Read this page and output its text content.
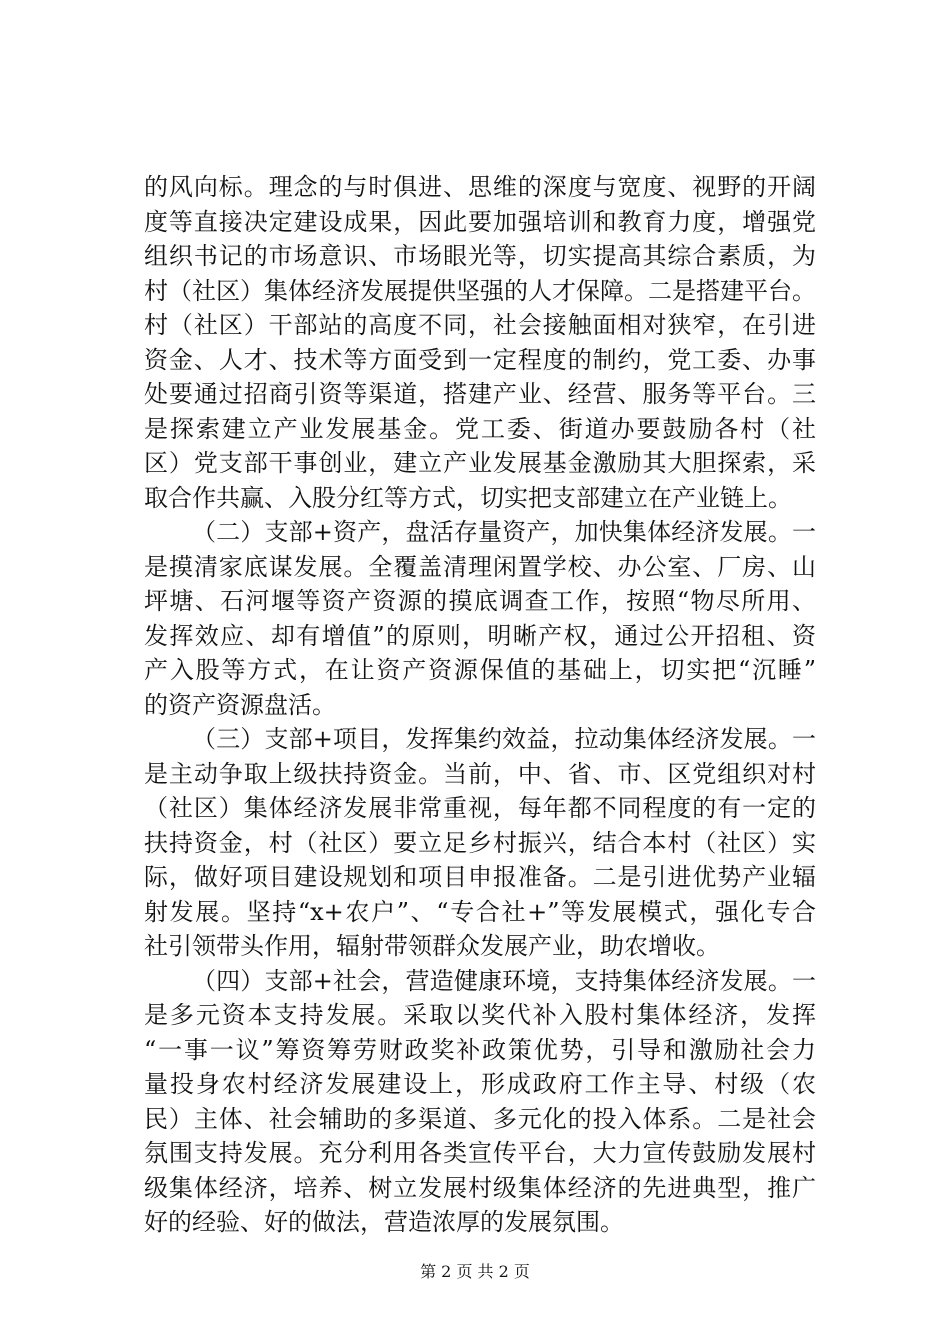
的风向标。理念的与时俱进、思维的深度与宽度、视野的开阔
度等直接决定建设成果，因此要加强培训和教育力度，增强党
组织书记的市场意识、市场眼光等，切实提高其综合素质，为
村（社区）集体经济发展提供坚强的人才保障。二是搭建平台。
村（社区）干部站的高度不同，社会接触面相对狭窄，在引进
资金、人才、技术等方面受到一定程度的制约，党工委、办事
处要通过招商引资等渠道，搭建产业、经营、服务等平台。三
是探索建立产业发展基金。党工委、街道办要鼓励各村（社
区）党支部干事创业，建立产业发展基金激励其大胆探索，采
取合作共赢、入股分红等方式，切实把支部建立在产业链上。
（二）支部+资产，盘活存量资产，加快集体经济发展。一
是摸清家底谋发展。全覆盖清理闲置学校、办公室、厂房、山
坪塘、石河堰等资产资源的摸底调查工作，按照“物尽所用、
发挥效应、却有增值”的原则，明晰产权，通过公开招租、资
产入股等方式，在让资产资源保值的基础上，切实把“沉睡”
的资产资源盘活。
（三）支部+项目，发挥集约效益，拉动集体经济发展。一
是主动争取上级扶持资金。当前，中、省、市、区党组织对村
（社区）集体经济发展非常重视，每年都不同程度的有一定的
扶持资金，村（社区）要立足乡村振兴，结合本村（社区）实
际，做好项目建设规划和项目申报准备。二是引进优势产业辐
射发展。坚持“x+农户”、“专合社+”等发展模式，强化专合
社引领带头作用，辐射带领群众发展产业，助农增收。
（四）支部+社会，营造健康环境，支持集体经济发展。一
是多元资本支持发展。采取以奖代补入股村集体经济，发挥
“一事一议”筹资筹劳财政奖补政策优势，引导和激励社会力
量投身农村经济发展建设上，形成政府工作主导、村级（农
民）主体、社会辅助的多渠道、多元化的投入体系。二是社会
氛围支持发展。充分利用各类宣传平台，大力宣传鼓励发展村
级集体经济，培养、树立发展村级集体经济的先进典型，推广
好的经验、好的做法，营造浓厚的发展氛围。
第 2 页 共 2 页
